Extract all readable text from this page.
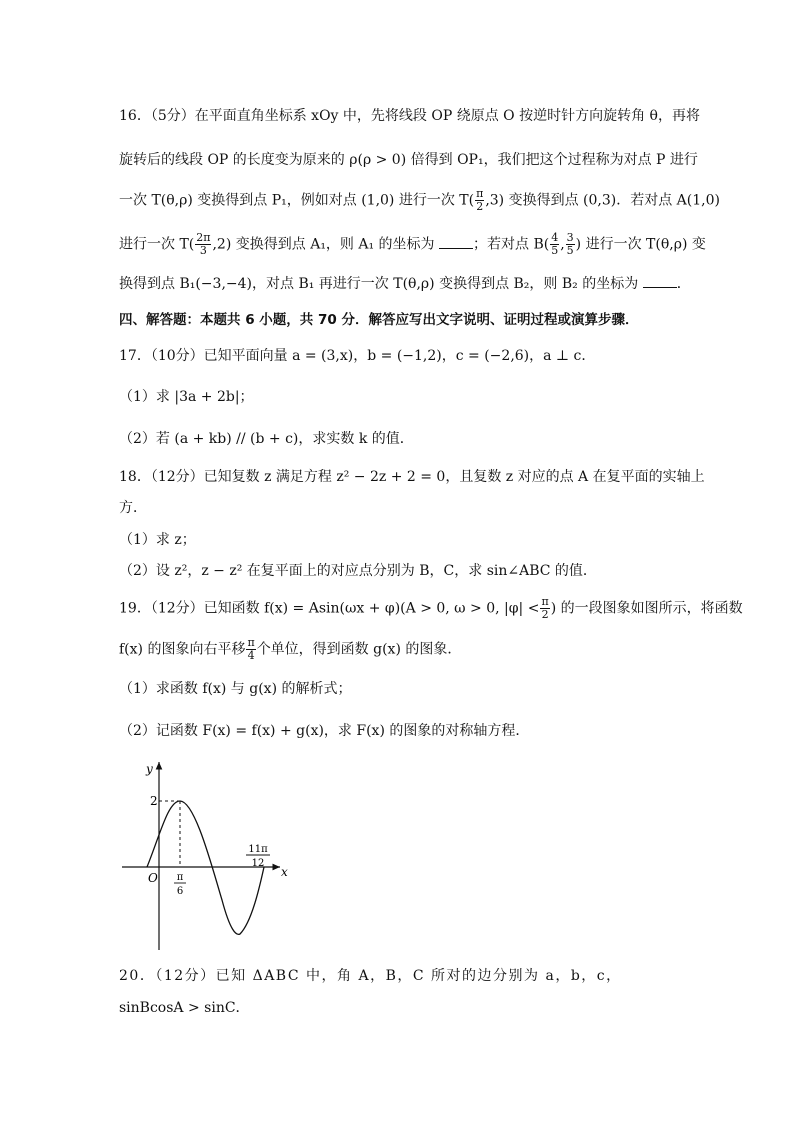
16．（5分）在平面直角坐标系 xOy 中，先将线段 OP 绕原点 O 按逆时针方向旋转角 θ，再将
旋转后的线段 OP 的长度变为原来的 ρ(ρ > 0) 倍得到 OP₁，我们把这个过程称为对点 P 进行
一次 T(θ,ρ) 变换得到点 P₁，例如对点 (1,0) 进行一次 $T( \frac{\pi}{2} ,3)$ 变换得到点 (0,3)．若对点 A(1,0)
进行一次 $T( \frac{2\pi}{3} ,2)$ 变换得到点 A₁，则 A₁ 的坐标为	；若对点 $B( \frac{4}{5}$ , $\frac{3}{5}$ ) 进行一次 T(θ,ρ) 变
换得到点 B₁(−3,−4)，对点 B₁ 再进行一次 T(θ,ρ) 变换得到点 B₂，则 B₂ 的坐标为	．
四、解答题：本题共 6 小题，共 70 分．解答应写出文字说明、证明过程或演算步骤．
17．（10分）已知平面向量 a = (3,x)，b = (−1,2)，c = (−2,6)，a ⊥ c．
（1）求 |3a + 2b|；
（2）若 (a + kb) // (b + c)，求实数 k 的值．
18．（12分）已知复数 z 满足方程 z² − 2z + 2 = 0，且复数 z 对应的点 A 在复平面的实轴上
方．
（1）求 z；
（2）设 z²，z − z² 在复平面上的对应点分别为 B，C，求 sin∠ABC 的值．
19．（12分）已知函数 f(x) = Asin(ωx + φ)(A > 0, ω > 0, $|\varphi| < \frac{\pi}{2}$ ) 的一段图象如图所示，将函数
f(x) 的图象向右平移 $\frac{\pi}{4}$ 个单位，得到函数 g(x) 的图象．
（1）求函数 f(x) 与 g(x) 的解析式；
（2）记函数 F(x) = f(x) + g(x)，求 F(x) 的图象的对称轴方程．
y
x
O
2
π
6
11π
12
20．（12分）已知 ΔABC 中，角 A，B，C 所对的边分别为 a，b，c，
sinBcosA > sinC．
